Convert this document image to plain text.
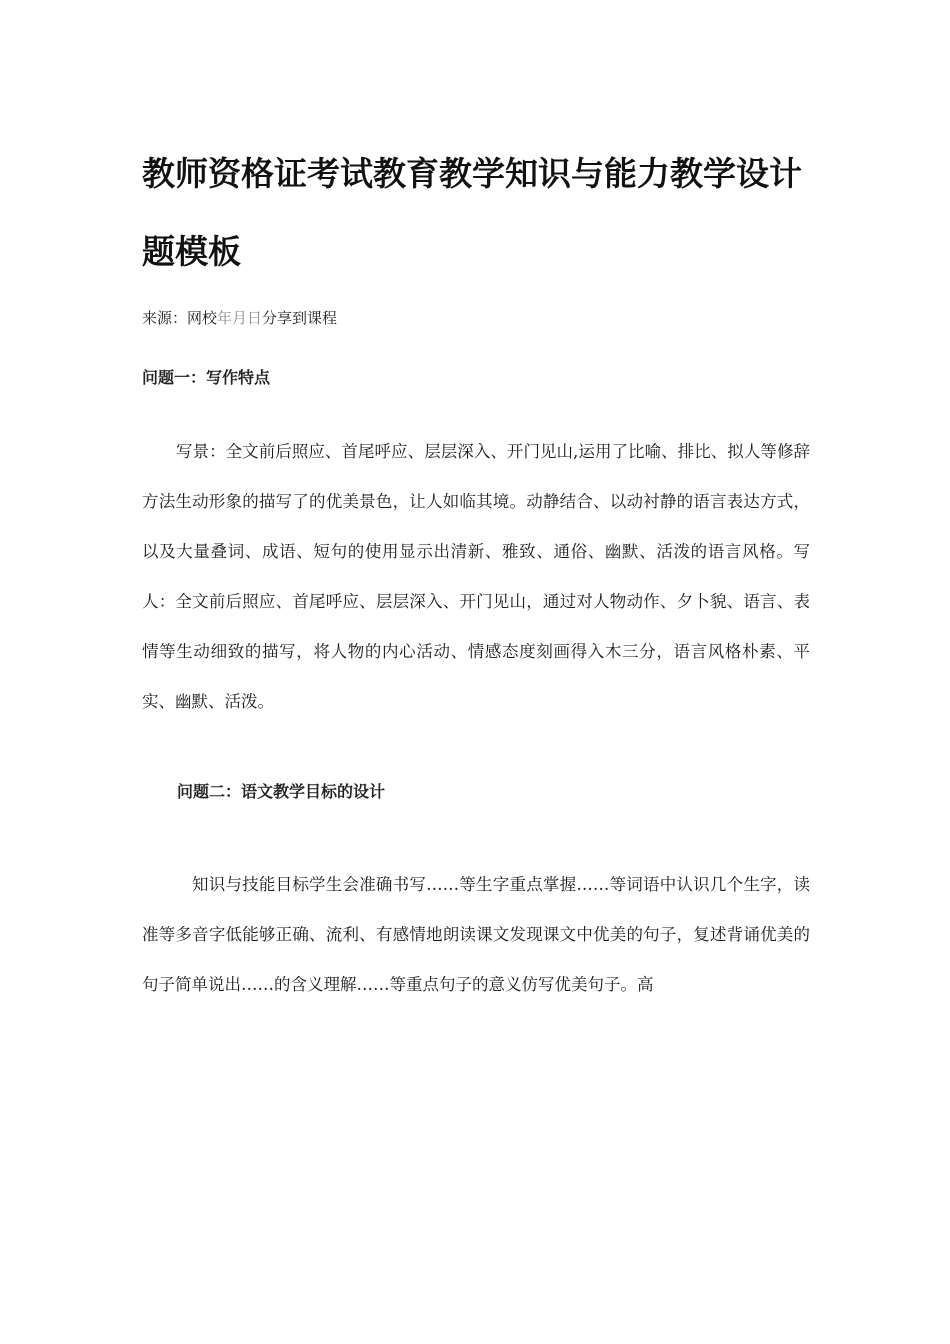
教师资格证考试教育教学知识与能力教学设计题模板
来源：网校年月日分享到课程
问题一：写作特点

写景：全文前后照应、首尾呼应、层层深入、开门见山,运用了比喻、排比、拟人等修辞方法生动形象的描写了的优美景色，让人如临其境。动静结合、以动衬静的语言表达方式，以及大量叠词、成语、短句的使用显示出清新、雅致、通俗、幽默、活泼的语言风格。写人：全文前后照应、首尾呼应、层层深入、开门见山，通过对人物动作、夕卜貌、语言、表情等生动细致的描写，将人物的内心活动、情感态度刻画得入木三分，语言风格朴素、平实、幽默、活泼。

问题二：语文教学目标的设计

知识与技能目标学生会准确书写……等生字重点掌握……等词语中认识几个生字，读准等多音字低能够正确、流利、有感情地朗读课文发现课文中优美的句子，复述背诵优美的句子简单说出……的含义理解……等重点句子的意义仿写优美句子。高
